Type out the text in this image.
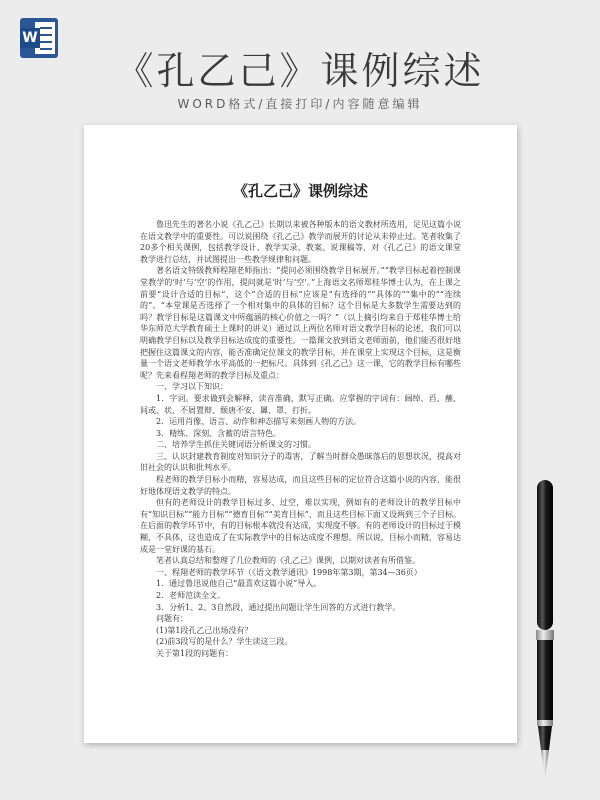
W
《孔乙己》课例综述
WORD格式/直接打印/内容随意编辑
《孔乙己》课例综述

鲁迅先生的著名小说《孔乙己》长期以来被各种版本的语文教材所选用，足见这篇小说在语文教学中的重要性。可以说围绕《孔乙己》教学而展开的讨论从未停止过。笔者收集了20多个相关课例，包括教学设计、教学实录、教案、说课稿等，对《孔乙己》的语文课堂教学进行总结，并试图提出一些教学规律和问题。

著名语文特级教师程翔老师指出：“提问必须围绕教学目标展开。”“教学目标起着控制课堂教学的‘时’与‘空’的作用，提问就是‘时’与‘空’。”上海语文名师郑桂华博士认为，在上课之前要“设计合适的目标”，这个“合适的目标”应该是“有选择的”“具体的”“集中的”“连续的”。“本堂课是否选择了一个相对集中的具体的目标？这个目标是大多数学生需要达到的吗？教学目标是这篇课文中所蕴涵的核心价值之一吗？”（以上摘引均来自于郑桂华博士给华东师范大学教育硕士上课时的讲义）通过以上两位名师对语文教学目标的论述，我们可以明确教学目标以及教学目标达成度的重要性。一篇课文放到语文老师面前，他们能否很好地把握住这篇课文的内容，能否准确定位课文的教学目标，并在课堂上实现这个目标，这是衡量一个语文老师教学水平高低的一把标尺。具体到《孔乙己》这一课，它的教学目标有哪些呢？先来看程翔老师的教学目标及重点：

一、学习以下知识：

1．字词。要求做到会解释，读音准确，默写正确。应掌握的字词有：阔绰、舀、蘸、间或、状、不屑置辩、颓唐不安、羼、罩、打折。

2．运用肖像、语言、动作和神态描写来刻画人物的方法。

3．精练、深刻、含蓄的语言特色。

二、培养学生抓住关键词语分析课文的习惯。

三、认识封建教育制度对知识分子的毒害，了解当时群众愚昧落后的思想状况，提高对旧社会的认识和批判水平。

程老师的教学目标小而精，容易达成，而且这些目标的定位符合这篇小说的内容，能很好地体现语文教学的特点。

但有的老师设计的教学目标过多、过空，难以实现，例如有的老师设计的教学目标中有“知识目标”“能力目标”“德育目标”“美育目标”，而且这些目标下面又设两到三个子目标。在后面的教学环节中，有的目标根本就没有达成，实现度不够。有的老师设计的目标过于模糊，不具体，这也造成了在实际教学中的目标达成度不理想。所以说，目标小而精，容易达成是一堂好课的基石。

笔者认真总结和整理了几位教师的《孔乙己》课例，以期对读者有所借鉴。

一、程翔老师的教学环节（《语文教学通讯》1998年第3期，第34—36页）

1．通过鲁迅说他自己“最喜欢这篇小说”导入。

2．老师范读全文。

3．分析1、2、3自然段，通过提出问题让学生回答的方式进行教学。

问题有：

(1)第1段孔乙己出场没有？

(2)前3段写的是什么？学生读这三段。

关于第1段的问题有：
